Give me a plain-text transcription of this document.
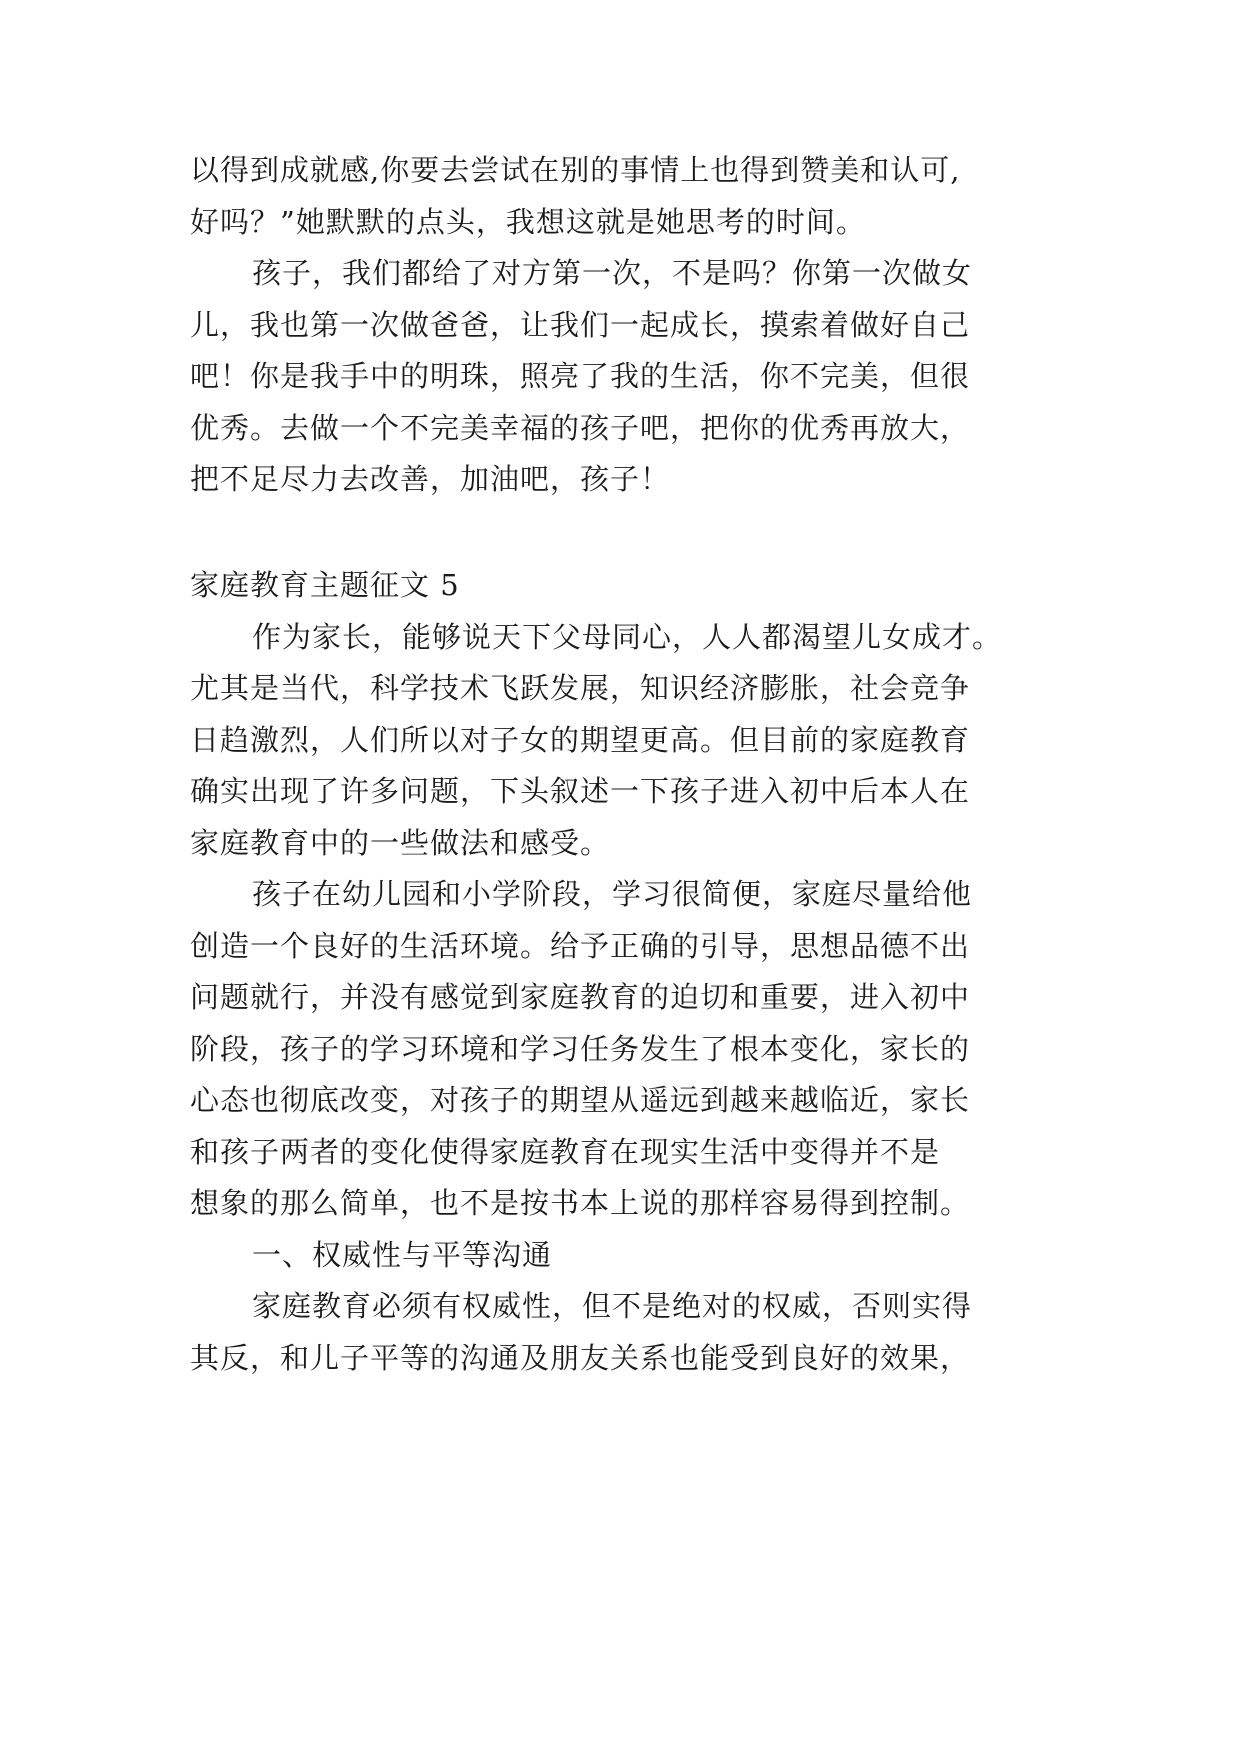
以得到成就感,你要去尝试在别的事情上也得到赞美和认可,
好吗？”她默默的点头，我想这就是她思考的时间。
孩子，我们都给了对方第一次，不是吗？你第一次做女
儿，我也第一次做爸爸，让我们一起成长，摸索着做好自己
吧！你是我手中的明珠，照亮了我的生活，你不完美，但很
优秀。去做一个不完美幸福的孩子吧，把你的优秀再放大，
把不足尽力去改善，加油吧，孩子！
家庭教育主题征文 5
作为家长，能够说天下父母同心，人人都渴望儿女成才。
尤其是当代，科学技术飞跃发展，知识经济膨胀，社会竞争
日趋激烈，人们所以对子女的期望更高。但目前的家庭教育
确实出现了许多问题，下头叙述一下孩子进入初中后本人在
家庭教育中的一些做法和感受。
孩子在幼儿园和小学阶段，学习很简便，家庭尽量给他
创造一个良好的生活环境。给予正确的引导，思想品德不出
问题就行，并没有感觉到家庭教育的迫切和重要，进入初中
阶段，孩子的学习环境和学习任务发生了根本变化，家长的
心态也彻底改变，对孩子的期望从遥远到越来越临近，家长
和孩子两者的变化使得家庭教育在现实生活中变得并不是
想象的那么简单，也不是按书本上说的那样容易得到控制。
一、权威性与平等沟通
家庭教育必须有权威性，但不是绝对的权威，否则实得
其反，和儿子平等的沟通及朋友关系也能受到良好的效果，
